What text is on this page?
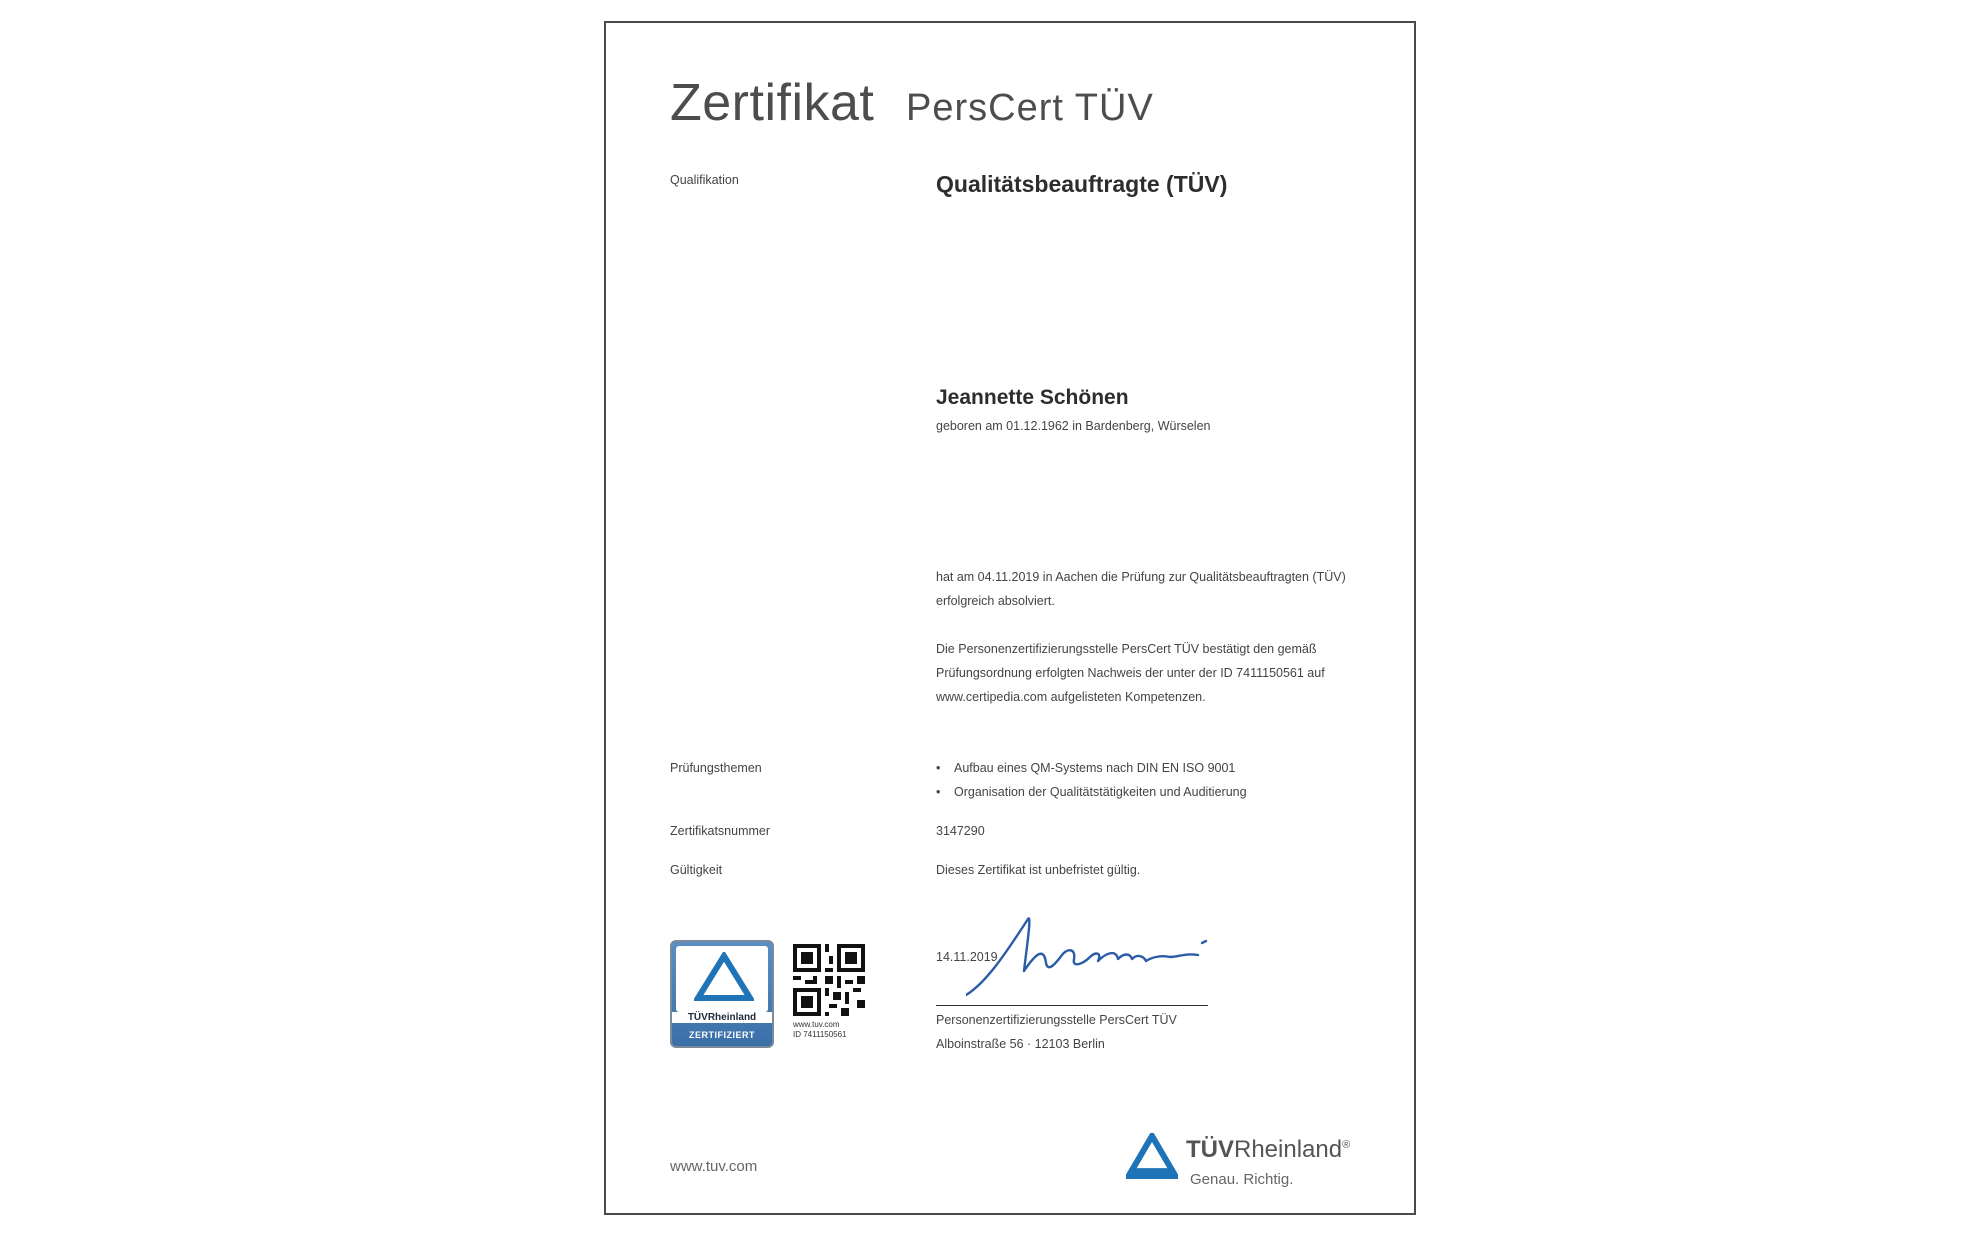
Zertifikat PersCert TÜV
Qualifikation	Qualitätsbeauftragte (TÜV)
Jeannette Schönen
geboren am 01.12.1962 in Bardenberg, Würselen
hat am 04.11.2019 in Aachen die Prüfung zur Qualitätsbeauftragten (TÜV) erfolgreich absolviert.
Die Personenzertifizierungsstelle PersCert TÜV bestätigt den gemäß Prüfungsordnung erfolgten Nachweis der unter der ID 7411150561 auf www.certipedia.com aufgelisteten Kompetenzen.
Prüfungsthemen	• Aufbau eines QM-Systems nach DIN EN ISO 9001
• Organisation der Qualitätstätigkeiten und Auditierung
Zertifikatsnummer	3147290
Gültigkeit	Dieses Zertifikat ist unbefristet gültig.
TÜVRheinland
ZERTIFIZIERT
www.tuv.com
ID 7411150561
14.11.2019
Personenzertifizierungsstelle PersCert TÜV
Alboinstraße 56 · 12103 Berlin
www.tuv.com
TÜVRheinland®
Genau. Richtig.
